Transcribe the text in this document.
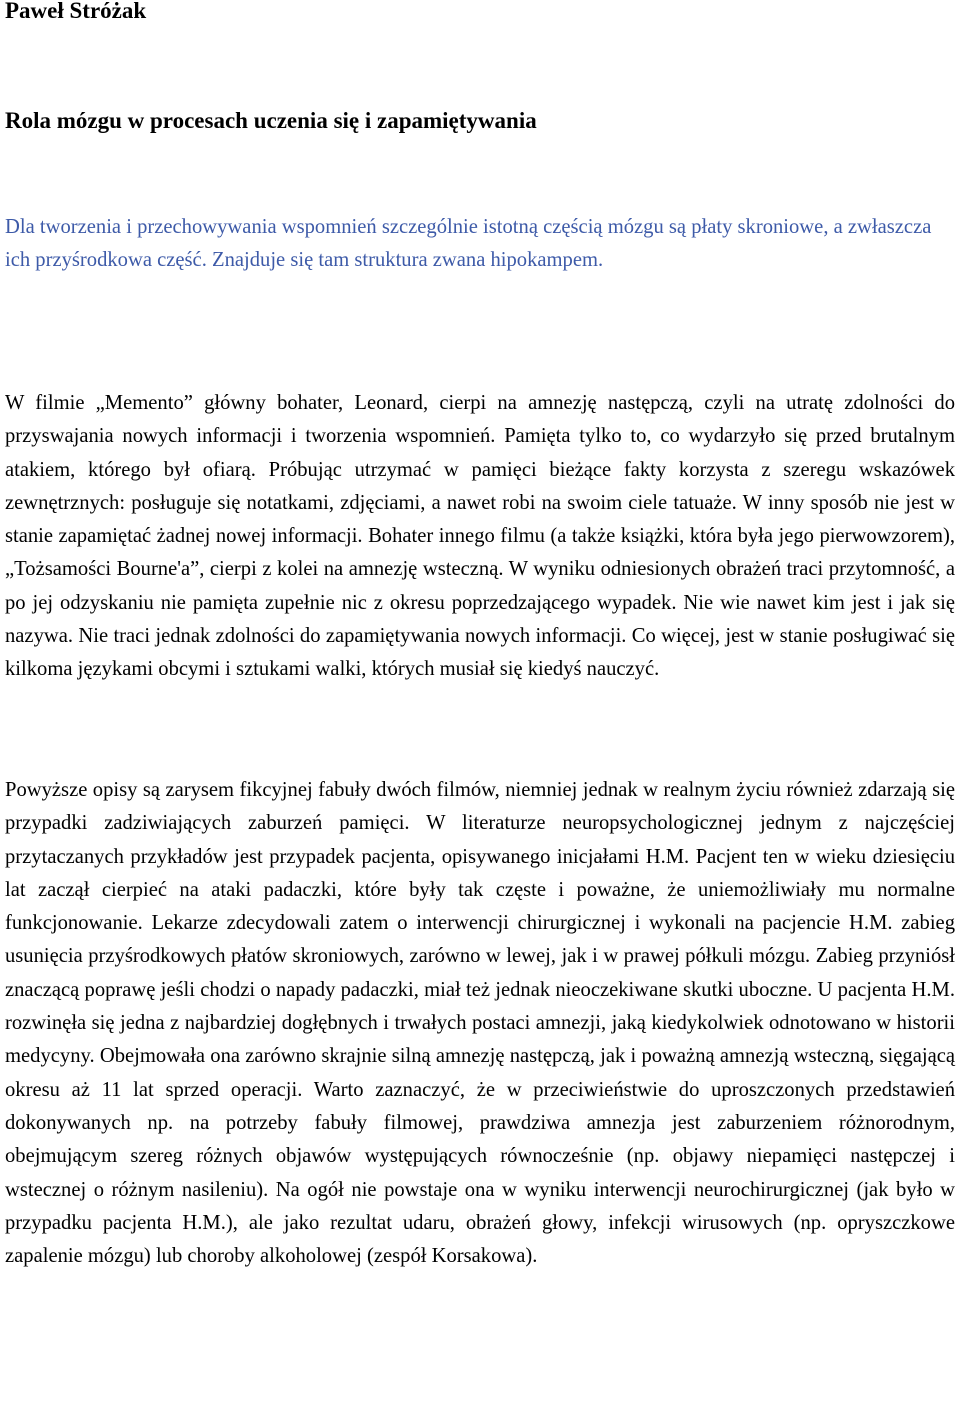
Paweł Stróżak

Rola mózgu w procesach uczenia się i zapamiętywania

Dla tworzenia i przechowywania wspomnień szczególnie istotną częścią mózgu są płaty skroniowe, a zwłaszcza ich przyśrodkowa część. Znajduje się tam struktura zwana hipokampem.

W filmie „Memento” główny bohater, Leonard, cierpi na amnezję następczą, czyli na utratę zdolności do przyswajania nowych informacji i tworzenia wspomnień. Pamięta tylko to, co wydarzyło się przed brutalnym atakiem, którego był ofiarą. Próbując utrzymać w pamięci bieżące fakty korzysta z szeregu wskazówek zewnętrznych: posługuje się notatkami, zdjęciami, a nawet robi na swoim ciele tatuaże. W inny sposób nie jest w stanie zapamiętać żadnej nowej informacji. Bohater innego filmu (a także książki, która była jego pierwowzorem), „Tożsamości Bourne'a”, cierpi z kolei na amnezję wsteczną. W wyniku odniesionych obrażeń traci przytomność, a po jej odzyskaniu nie pamięta zupełnie nic z okresu poprzedzającego wypadek. Nie wie nawet kim jest i jak się nazywa. Nie traci jednak zdolności do zapamiętywania nowych informacji. Co więcej, jest w stanie posługiwać się kilkoma językami obcymi i sztukami walki, których musiał się kiedyś nauczyć.

Powyższe opisy są zarysem fikcyjnej fabuły dwóch filmów, niemniej jednak w realnym życiu również zdarzają się przypadki zadziwiających zaburzeń pamięci. W literaturze neuropsychologicznej jednym z najczęściej przytaczanych przykładów jest przypadek pacjenta, opisywanego inicjałami H.M. Pacjent ten w wieku dziesięciu lat zaczął cierpieć na ataki padaczki, które były tak częste i poważne, że uniemożliwiały mu normalne funkcjonowanie. Lekarze zdecydowali zatem o interwencji chirurgicznej i wykonali na pacjencie H.M. zabieg usunięcia przyśrodkowych płatów skroniowych, zarówno w lewej, jak i w prawej półkuli mózgu. Zabieg przyniósł znaczącą poprawę jeśli chodzi o napady padaczki, miał też jednak nieoczekiwane skutki uboczne. U pacjenta H.M. rozwinęła się jedna z najbardziej dogłębnych i trwałych postaci amnezji, jaką kiedykolwiek odnotowano w historii medycyny. Obejmowała ona zarówno skrajnie silną amnezję następczą, jak i poważną amnezją wsteczną, sięgającą okresu aż 11 lat sprzed operacji. Warto zaznaczyć, że w przeciwieństwie do uproszczonych przedstawień dokonywanych np. na potrzeby fabuły filmowej, prawdziwa amnezja jest zaburzeniem różnorodnym, obejmującym szereg różnych objawów występujących równocześnie (np. objawy niepamięci następczej i wstecznej o różnym nasileniu). Na ogół nie powstaje ona w wyniku interwencji neurochirurgicznej (jak było w przypadku pacjenta H.M.), ale jako rezultat udaru, obrażeń głowy, infekcji wirusowych (np. opryszczkowe zapalenie mózgu) lub choroby alkoholowej (zespół Korsakowa).
